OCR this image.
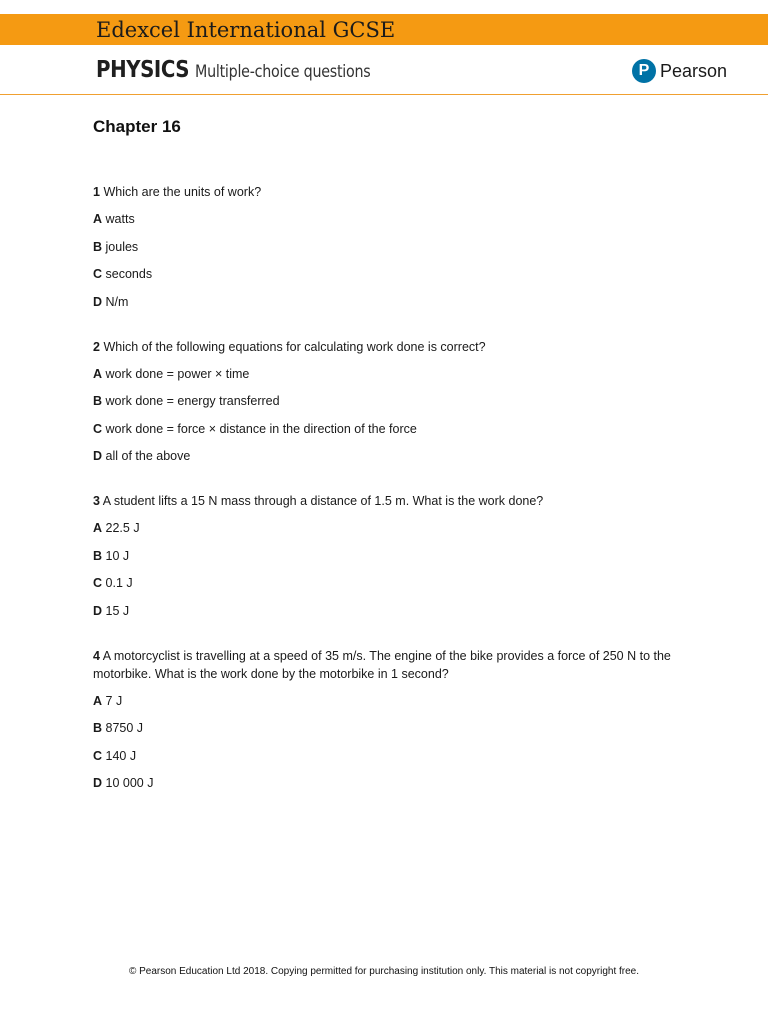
Edexcel International GCSE
PHYSICS Multiple-choice questions	P Pearson
Chapter 16

1 Which are the units of work?

A watts

B joules

C seconds

D N/m

2 Which of the following equations for calculating work done is correct?

A work done = power × time

B work done = energy transferred

C work done = force × distance in the direction of the force

D all of the above

3 A student lifts a 15 N mass through a distance of 1.5 m. What is the work done?

A 22.5 J

B 10 J

C 0.1 J

D 15 J

4 A motorcyclist is travelling at a speed of 35 m/s. The engine of the bike provides a force of 250 N to the motorbike. What is the work done by the motorbike in 1 second?

A 7 J

B 8750 J

C 140 J

D 10 000 J

© Pearson Education Ltd 2018. Copying permitted for purchasing institution only. This material is not copyright free.
